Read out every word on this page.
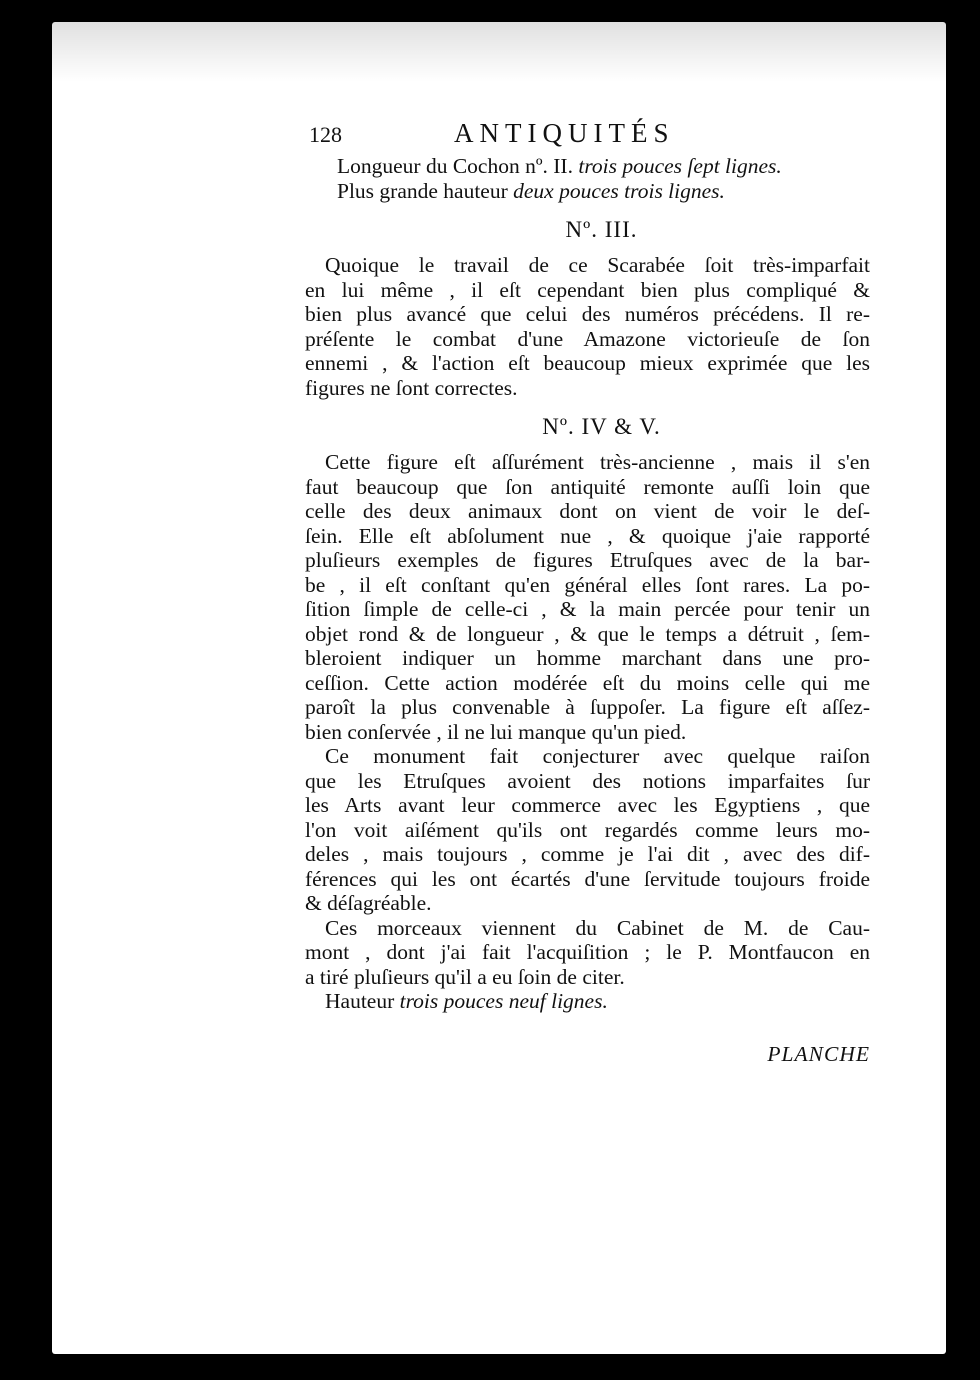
128	ANTIQUITÉS
Longueur du Cochon nº. II. trois pouces ſept lignes.
Plus grande hauteur deux pouces trois lignes.
Nº. III.
Quoique le travail de ce Scarabée ſoit très-imparfait
en lui même , il eſt cependant bien plus compliqué &
bien plus avancé que celui des numéros précédens. Il re-
préſente le combat d'une Amazone victorieuſe de ſon
ennemi , & l'action eſt beaucoup mieux exprimée que les
figures ne ſont correctes.
Nº. IV & V.
Cette figure eſt aſſurément très-ancienne , mais il s'en
faut beaucoup que ſon antiquité remonte auſſi loin que
celle des deux animaux dont on vient de voir le deſ-
ſein. Elle eſt abſolument nue , & quoique j'aie rapporté
pluſieurs exemples de figures Etruſques avec de la bar-
be , il eſt conſtant qu'en général elles ſont rares. La po-
ſition ſimple de celle-ci , & la main percée pour tenir un
objet rond & de longueur , & que le temps a détruit , ſem-
bleroient indiquer un homme marchant dans une pro-
ceſſion. Cette action modérée eſt du moins celle qui me
paroît la plus convenable à ſuppoſer. La figure eſt aſſez-
bien conſervée , il ne lui manque qu'un pied.
Ce monument fait conjecturer avec quelque raiſon
que les Etruſques avoient des notions imparfaites ſur
les Arts avant leur commerce avec les Egyptiens , que
l'on voit aiſément qu'ils ont regardés comme leurs mo-
deles , mais toujours , comme je l'ai dit , avec des dif-
férences qui les ont écartés d'une ſervitude toujours froide
& déſagréable.
Ces morceaux viennent du Cabinet de M. de Cau-
mont , dont j'ai fait l'acquiſition ; le P. Montfaucon en
a tiré pluſieurs qu'il a eu ſoin de citer.
Hauteur trois pouces neuf lignes.
PLANCHE
